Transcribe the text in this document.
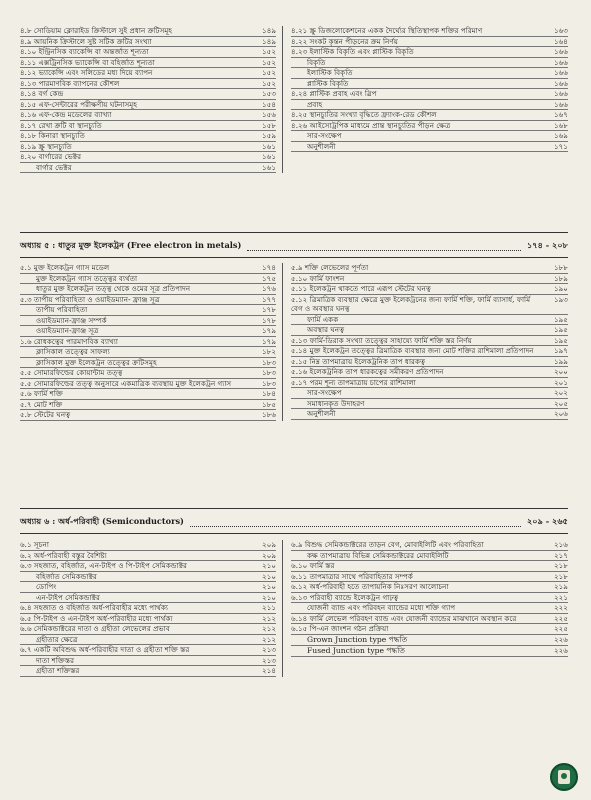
৪.৮ সোডিয়াম ক্লোরাইড ক্রিস্টালে সুই প্রধান ক্রটিসমূহ	১৪৯
৪.৯ আয়নিক ক্রিস্টালে সুষ্ট সটিক ক্রটির সংখ্যা	১৪৯
৪.১০ ইন্ট্রিনসিক ব্যাকেন্সি বা অন্তর্জাত শূন্যতা	১৫২
৪.১১ এক্সট্রিনসিক ভ্যাকেন্সি বা বহির্জাত শূন্যতা	১৫২
৪.১২ ভ্যাকেন্সি এবং সলিডের মধ্য দিয়ে ব্যাপন	১৫২
৪.১৩ পারমাণবিক ব্যাপনের কৌশল	১৫২
৪.১৪ বর্গ কেন্দ্র	১৫৩
৪.১৫ এফ-সেন্টারের পরীক্ষণীয় ঘটনাসমূহ	১৫৪
৪.১৬ এফ-কেন্দ্র মডেলের ব্যাখ্যা	১৫৬
৪.১৭ রেখা ক্রটি বা স্থানচ্যুতি	১৫৮
৪.১৮ কিনারা স্থানচ্যুতি	১৫৯
৪.১৯ স্ক্রু স্থানচ্যুতি	১৬১
৪.২০ বার্গারের ভেক্টর	১৬১
বার্গার ভেক্টর	১৬১
৪.২১ স্ক্রু ডিজলোকেশনের একক দৈর্ঘ্যের স্থিতিস্থাপক শক্তির পরিমাণ	১৬৩
৪.২২ সংকট কৃন্তন পীড়নের ক্রম নির্ণয়	১৬৪
৪.২৩ ইলাস্টিক বিকৃতি এবং প্লাস্টিক বিকৃতি	১৬৬
বিকৃতি	১৬৬
ইলাস্টিক বিকৃতি	১৬৬
প্লাস্টিক বিকৃতি	১৬৬
৪.২৪ প্লাস্টিক প্রবাহ এবং স্লিপ	১৬৬
প্রবাহ	১৬৬
৪.২৫ স্থানচ্যুতির সংখ্যা বৃদ্ধিতে ফ্র্যাংক-রেড কৌশল	১৬৭
৪.২৬ আইসোট্রপিক মাধ্যমে প্রান্ত স্থানচ্যুতির পীড়ন ক্ষেত্র	১৬৮
সার-সংক্ষেপ	১৬৯
অনুশীলনী	১৭১
অধ্যায় ৫ : ধাতুর মুক্ত ইলেকট্রন (Free electron in metals)	১৭৪ - ২০৮
৫.১ মুক্ত ইলেকট্রন গ্যাস মডেল	১৭৪
মুক্ত ইলেকট্রন গ্যাস তত্ত্বের ব্যর্থতা	১৭৫
ধাতুর মুক্ত ইলেকট্রন তত্ত্ব থেকে ওমের সূত্র প্রতিপাদন	১৭৬
৫.৩ তাপীয় পরিবাহিতা ও ওয়াইডম্যান- ফ্রাঞ্জ সূত্র	১৭৭
তাপীয় পরিবাহিতা	১৭৮
ওয়াইডম্যান-ফ্রাঞ্জ সম্পর্ক	১৭৮
ওয়াইডম্যান-ফ্রাঞ্জ সূত্র	১৭৯
১.৬ রোধকত্বের পারমাণবিক ব্যাখ্যা	১৭৯
ক্লাসিকাল তত্ত্বের সাফল্য	১৮২
ক্লাসিকাল মুক্ত ইলেকট্রন তত্ত্বের ক্রটিসমূহ	১৮৩
৫.৫ সোমারফিল্ডের কোয়ান্টাম তত্ত্ব	১৮৩
৫.৫ সোমারফিল্ডের তত্ত্ব অনুসারে একমাত্রিক ব্যবস্থায় মুক্ত ইলেকট্রন গ্যাস	১৮৩
৫.৬ ফার্মি শক্তি	১৮৪
৫.৭ মোট শক্তি	১৮৫
৫.৮ স্টেটের ঘনত্ব	১৮৬
৫.৯ শক্তি লেভেলের পূর্ণতা	১৮৮
৫.১০ ফার্মি ফাংশন	১৮৯
৫.১১ ইলেকট্রন থাকতে পারে এরূপ স্টেটের ঘনত্ব	১৯০
৫.১২ ত্রিমাত্রিক ব্যবস্থার ক্ষেত্রে মুক্ত ইলেকট্রনের জন্য ফার্মি শক্তি, ফার্মি ব্যাসার্ধ, ফার্মি বেগ ও অবস্থার ঘনত্ব
১৯৩
ফার্মি একক	১৯৫
অবস্থার ঘনত্ব	১৯৫
৫.১৩ ফার্মি-ডিরাক সংখ্যা তত্ত্বের সাহায্যে ফার্মি শক্তি স্তর নির্ণয়	১৯৫
৫.১৪ মুক্ত ইলেকট্রন তত্ত্বের ত্রিমাত্রিক ব্যবস্থার জন্য মোট শক্তির রাশিমালা প্রতিপাদন	১৯৭
৫.১৫ নিম্ন তাপমাত্রায় ইলেকট্রনিক তাপ ধারকত্ব	১৯৯
৫.১৬ ইলেকট্রনিক তাপ ধারকত্বের সমীকরণ প্রতিপাদন	২০০
৫.১৭ পরম শূন্য তাপমাত্রায় চাপের রাশিমালা	২০১
সার-সংক্ষেপ	২০২
সমাধানকৃত উদাহরণ	২০৫
অনুশীলনী	২০৬
অধ্যায় ৬ : অর্ধ-পরিবাহী (Semiconductors)	২০৯ - ২৬৫
৬.১ সূচনা	২০৯
৬.২ অর্ধ-পরিবাহী বস্তুর বৈশিষ্ট্য	২০৯
৬.৩ সহজাত, বহির্জাত, এন-টাইপ ও পি-টাইপ সেমিকন্ডাক্টর	২১০
বহির্জাত সেমিকন্ডাক্টর	২১০
ডোপিং	২১০
এন-টাইপ সেমিকন্ডাক্টর	২১০
৬.৪ সহজাত ও বহির্জাত অর্ধ-পরিবাহীর মধ্যে পার্থক্য	২১১
৬.৫ পি-টাইপ ও এন-টাইপ অর্ধ-পরিবাহীর মধ্যে পার্থক্য	২১২
৬.৬ সেমিকন্ডাক্টরের দাতা ও গ্রহীতা লেভেলের প্রভাব	২১২
গ্রহীতার ক্ষেত্রে	২১২
৬.৭ একটি অবিশুদ্ধ অর্ধ-পরিবাহীর দাতা ও গ্রহীতা শক্তি স্তর	২১৩
দাতা শক্তিস্তর	২১৩
গ্রহীতা শক্তিস্তর	২১৪
৬.৯ বিশুদ্ধ সেমিকন্ডাক্টরের তাড়ন বেগ, মোবাইলিটি এবং পরিবাহিতা	২১৬
কক্ষ তাপমাত্রায় বিভিন্ন সেমিকন্ডাক্টরের মোবাইলিটি	২১৭
৬.১০ ফার্মি স্তর	২১৮
৬.১১ তাপমাত্রার সাথে পরিবাহিতার সম্পর্ক	২১৮
৬.১২ অর্ধ-পরিবাহী হতে তাপায়নিক নিঃসরণ আলোচনা	২১৯
৬.১৩ পরিবাহী ব্যান্ডে ইলেকট্রন গাঢ়ত্ব	২২১
যোজনী ব্যান্ড এবং পরিবহন ব্যান্ডের মধ্যে শক্তি গ্যাপ	২২২
৬.১৪ ফার্মি লেভেল পরিবহণ ব্যান্ড এবং যোজনী ব্যান্ডের মাঝখানে অবস্থান করে	২২৫
৬.১৫ পি-এন জাংশন গঠন প্রক্রিয়া	২২৫
Grown Junction type পদ্ধতি	২২৬
Fused Junction type পদ্ধতি	২২৬
